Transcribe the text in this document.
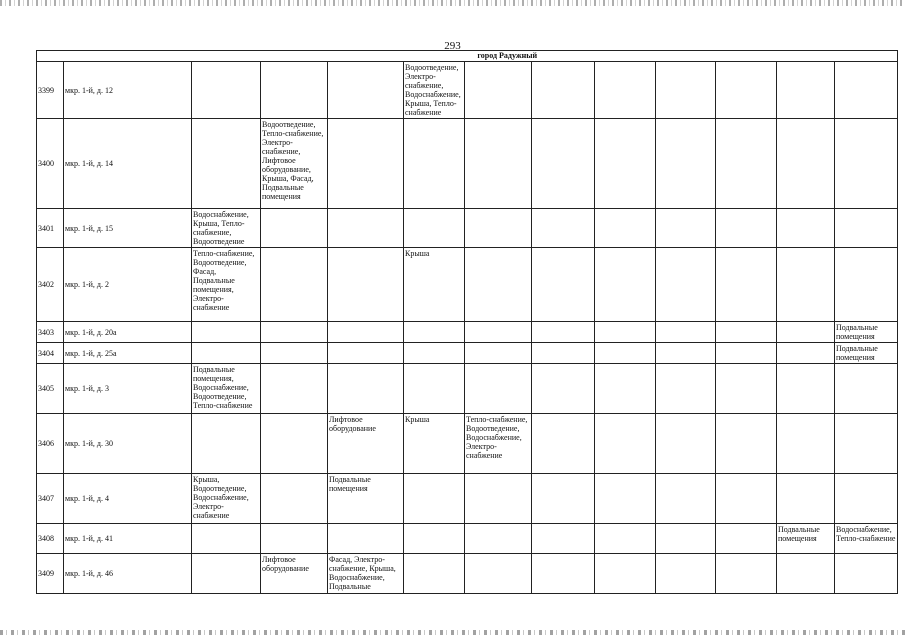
293
город Радужный												
3399	мкр. 1-й, д. 12				Водоотведение, Электро-снабжение, Водоснабжение, Крыша, Тепло-снабжение							
3400	мкр. 1-й, д. 14		Водоотведение, Тепло-снабжение, Электро-снабжение, Лифтовое оборудование, Крыша, Фасад, Подвальные помещения									
3401	мкр. 1-й, д. 15	Водоснабжение, Крыша, Тепло-снабжение, Водоотведение										
3402	мкр. 1-й, д. 2	Тепло-снабжение, Водоотведение, Фасад, Подвальные помещения, Электро-снабжение			Крыша							
3403	мкр. 1-й, д. 20а											Подвальные помещения
3404	мкр. 1-й, д. 25а											Подвальные помещения
3405	мкр. 1-й, д. 3	Подвальные помещения, Водоснабжение, Водоотведение, Тепло-снабжение										
3406	мкр. 1-й, д. 30			Лифтовое оборудование	Крыша	Тепло-снабжение, Водоотведение, Водоснабжение, Электро-снабжение						
3407	мкр. 1-й, д. 4	Крыша, Водоотведение, Водоснабжение, Электро-снабжение		Подвальные помещения								
3408	мкр. 1-й, д. 41										Подвальные помещения	Водоснабжение, Тепло-снабжение
3409	мкр. 1-й, д. 46		Лифтовое оборудование	Фасад, Электро-снабжение, Крыша, Водоснабжение, Подвальные								
